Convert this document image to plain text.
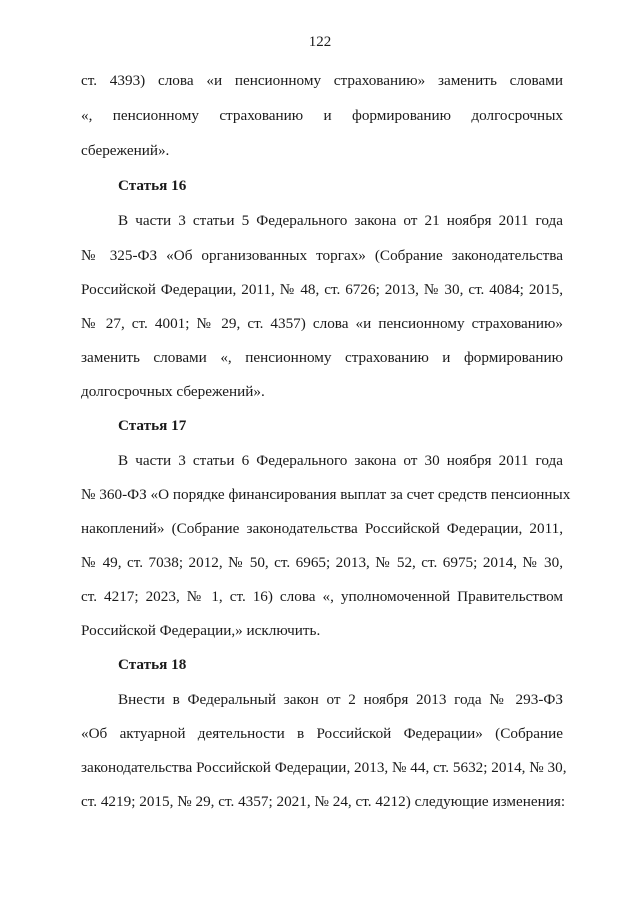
122
ст. 4393) слова «и пенсионному страхованию» заменить словами
«, пенсионному страхованию и формированию долгосрочных
сбережений».
Статья 16
В части 3 статьи 5 Федерального закона от 21 ноября 2011 года
№ 325-ФЗ «Об организованных торгах» (Собрание законодательства
Российской Федерации, 2011, № 48, ст. 6726; 2013, № 30, ст. 4084; 2015,
№ 27, ст. 4001; № 29, ст. 4357) слова «и пенсионному страхованию»
заменить словами «, пенсионному страхованию и формированию
долгосрочных сбережений».
Статья 17
В части 3 статьи 6 Федерального закона от 30 ноября 2011 года
№ 360-ФЗ «О порядке финансирования выплат за счет средств пенсионных
накоплений» (Собрание законодательства Российской Федерации, 2011,
№ 49, ст. 7038; 2012, № 50, ст. 6965; 2013, № 52, ст. 6975; 2014, № 30,
ст. 4217; 2023, № 1, ст. 16) слова «, уполномоченной Правительством
Российской Федерации,» исключить.
Статья 18
Внести в Федеральный закон от 2 ноября 2013 года № 293-ФЗ
«Об актуарной деятельности в Российской Федерации» (Собрание
законодательства Российской Федерации, 2013, № 44, ст. 5632; 2014, № 30,
ст. 4219; 2015, № 29, ст. 4357; 2021, № 24, ст. 4212) следующие изменения:
